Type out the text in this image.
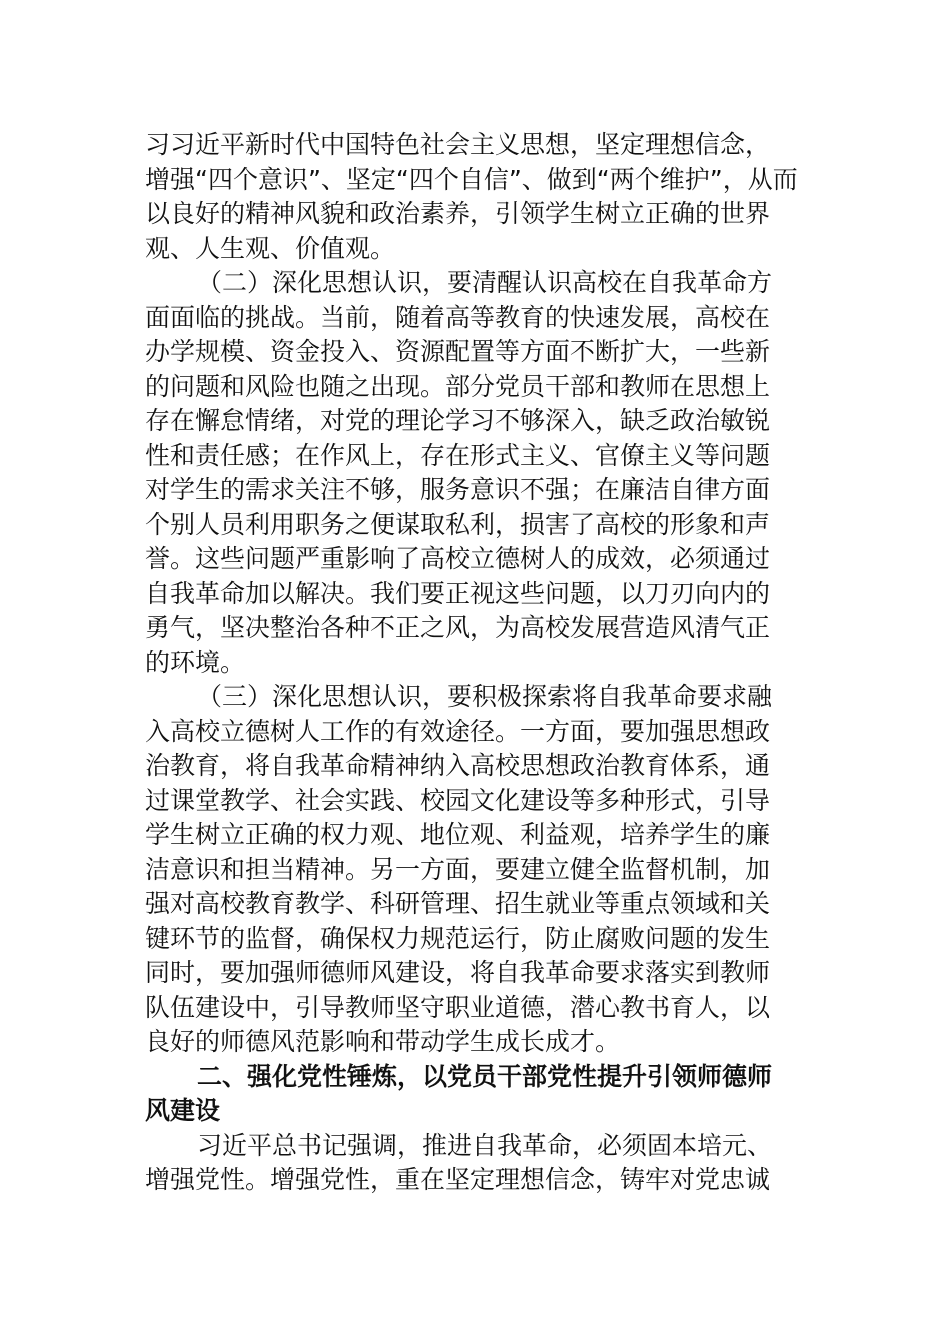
习习近平新时代中国特色社会主义思想，坚定理想信念，
增强“四个意识”、坚定“四个自信”、做到“两个维护”，从而
以良好的精神风貌和政治素养，引领学生树立正确的世界
观、人生观、价值观。
（二）深化思想认识，要清醒认识高校在自我革命方
面面临的挑战。当前，随着高等教育的快速发展，高校在
办学规模、资金投入、资源配置等方面不断扩大，一些新
的问题和风险也随之出现。部分党员干部和教师在思想上
存在懈怠情绪，对党的理论学习不够深入，缺乏政治敏锐
性和责任感；在作风上，存在形式主义、官僚主义等问题
对学生的需求关注不够，服务意识不强；在廉洁自律方面
个别人员利用职务之便谋取私利，损害了高校的形象和声
誉。这些问题严重影响了高校立德树人的成效，必须通过
自我革命加以解决。我们要正视这些问题，以刀刃向内的
勇气，坚决整治各种不正之风，为高校发展营造风清气正
的环境。
（三）深化思想认识，要积极探索将自我革命要求融
入高校立德树人工作的有效途径。一方面，要加强思想政
治教育，将自我革命精神纳入高校思想政治教育体系，通
过课堂教学、社会实践、校园文化建设等多种形式，引导
学生树立正确的权力观、地位观、利益观，培养学生的廉
洁意识和担当精神。另一方面，要建立健全监督机制，加
强对高校教育教学、科研管理、招生就业等重点领域和关
键环节的监督，确保权力规范运行，防止腐败问题的发生
同时，要加强师德师风建设，将自我革命要求落实到教师
队伍建设中，引导教师坚守职业道德，潜心教书育人，以
良好的师德风范影响和带动学生成长成才。
二、强化党性锤炼，以党员干部党性提升引领师德师
风建设
习近平总书记强调，推进自我革命，必须固本培元、
增强党性。增强党性，重在坚定理想信念，铸牢对党忠诚
